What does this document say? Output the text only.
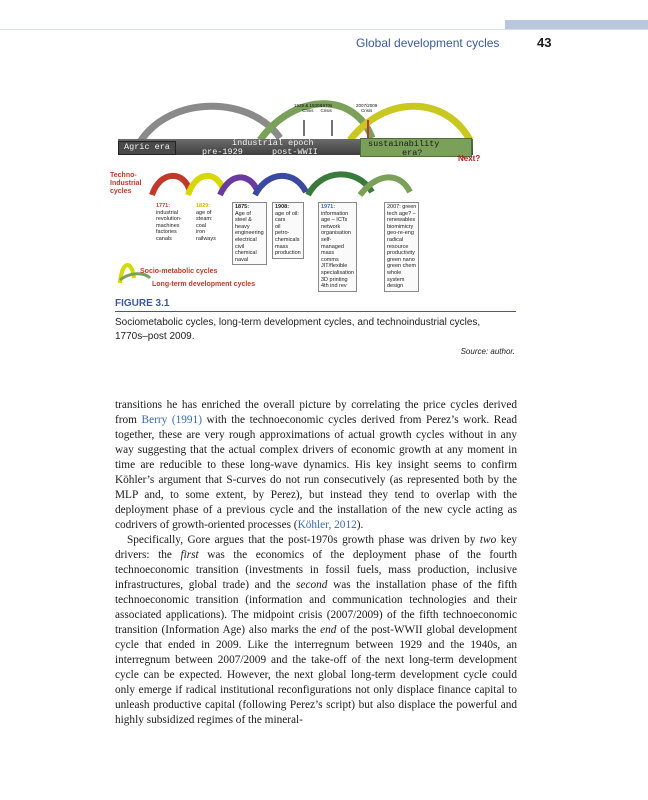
Global development cycles	43
1929 & 1930s
Crisis
1970s
Crisis
2007/2009
Crisis
Agric era	industrial epoch
pre-1929	post-WWII
sustainability
era?
Next?
Techno-
Industrial
cycles
1771:
industrial
revolution-
machines
factories
canals
1829:
age of
steam:
coal
iron
railways
1875:
Age of
steel &
heavy
engineering
electrical
civil
chemical
naval
1908:
age of oil:
cars
oil
petro-
chemicals
mass
production
1971:
information
age – ICTs
network
organisation
self-
managed
mass
comms
JIT/flexible
specialisation
3D printing
4th ind rev
2007: green
tech age? –
renewables
biomimicry
geo-re-eng
radical
resource
productivity
green nano
green chem
whole
system
design
Socio-metabolic cycles
Long-term development cycles
FIGURE 3.1
Sociometabolic cycles, long-term development cycles, and technoindustrial cycles, 1770s–post 2009.
Source: author.

transitions he has enriched the overall picture by correlating the price cycles derived from Berry (1991) with the technoeconomic cycles derived from Perez’s work. Read together, these are very rough approximations of actual growth cycles without in any way suggesting that the actual complex drivers of economic growth at any moment in time are reducible to these long-wave dynamics. His key insight seems to confirm Köhler’s argument that S-curves do not run consecutively (as represented both by the MLP and, to some extent, by Perez), but instead they tend to overlap with the deployment phase of a previous cycle and the installation of the new cycle acting as codrivers of growth-oriented processes (Köhler, 2012).

Specifically, Gore argues that the post-1970s growth phase was driven by two key drivers: the first was the economics of the deployment phase of the fourth technoeconomic transition (investments in fossil fuels, mass production, inclusive infrastructures, global trade) and the second was the installation phase of the fifth technoeconomic transition (information and communication technologies and their associated applications). The midpoint crisis (2007/2009) of the fifth technoeconomic transition (Information Age) also marks the end of the post-WWII global development cycle that ended in 2009. Like the interregnum between 1929 and the 1940s, an interregnum between 2007/2009 and the take-off of the next long-term development cycle can be expected. However, the next global long-term development cycle could only emerge if radical institutional reconfigurations not only displace finance capital to unleash productive capital (following Perez’s script) but also displace the powerful and highly subsidized regimes of the mineral-
